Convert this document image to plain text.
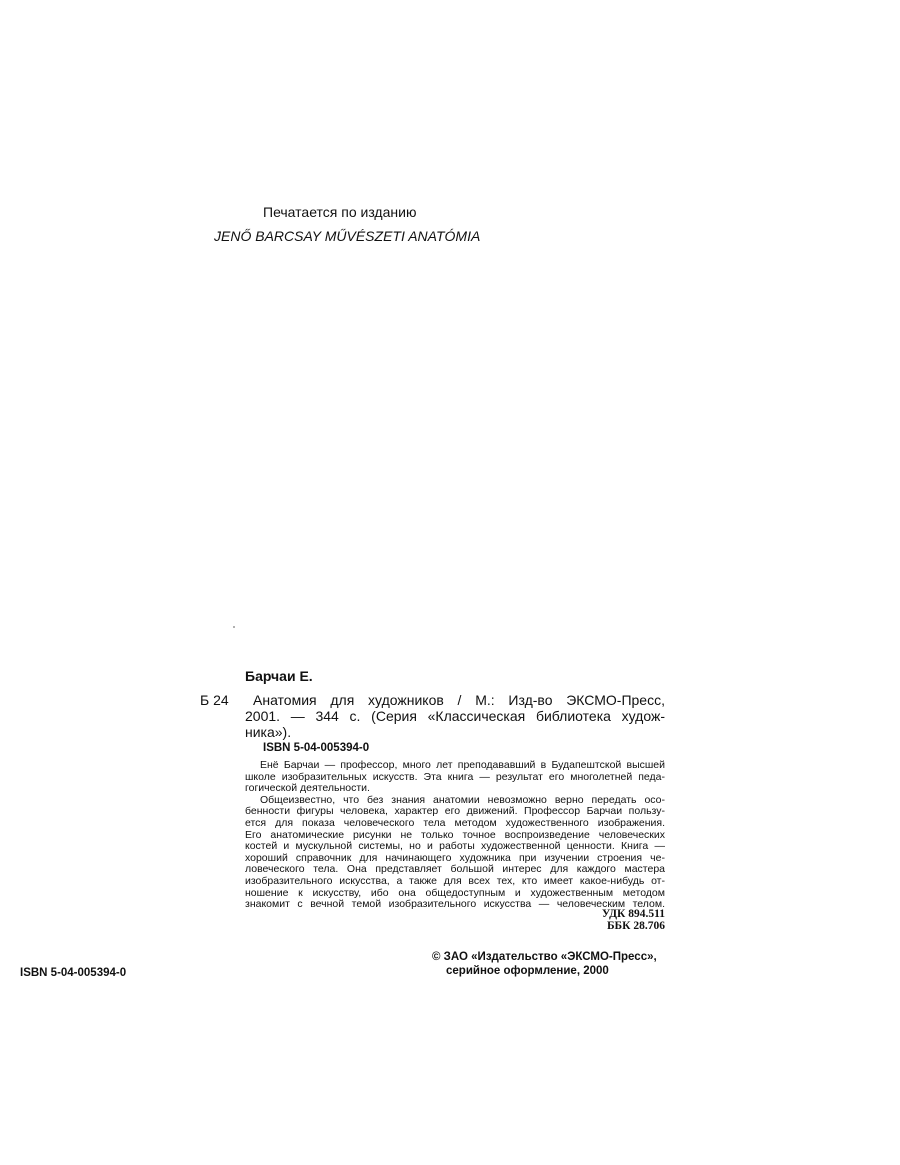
Печатается по изданию
JENŐ BARCSAY MŰVÉSZETI ANATÓMIA
Барчаи Е.
Б 24	Анатомия для художников / М.: Изд-во ЭКСМО-Пресс,
2001. — 344 с. (Серия «Классическая библиотека худож-
ника»).
ISBN 5-04-005394-0
Енё Барчаи — профессор, много лет преподававший в Будапештской высшей
школе изобразительных искусств. Эта книга — результат его многолетней педа-
гогической деятельности.
Общеизвестно, что без знания анатомии невозможно верно передать осо-
бенности фигуры человека, характер его движений. Профессор Барчаи пользу-
ется для показа человеческого тела методом художественного изображения.
Его анатомические рисунки не только точное воспроизведение человеческих
костей и мускульной системы, но и работы художественной ценности. Книга —
хороший справочник для начинающего художника при изучении строения че-
ловеческого тела. Она представляет большой интерес для каждого мастера
изобразительного искусства, а также для всех тех, кто имеет какое-нибудь от-
ношение к искусству, ибо она общедоступным и художественным методом
знакомит с вечной темой изобразительного искусства — человеческим телом.
УДК 894.511
ББК 28.706
© ЗАО «Издательство «ЭКСМО-Пресс»,
серийное оформление, 2000
ISBN 5-04-005394-0
